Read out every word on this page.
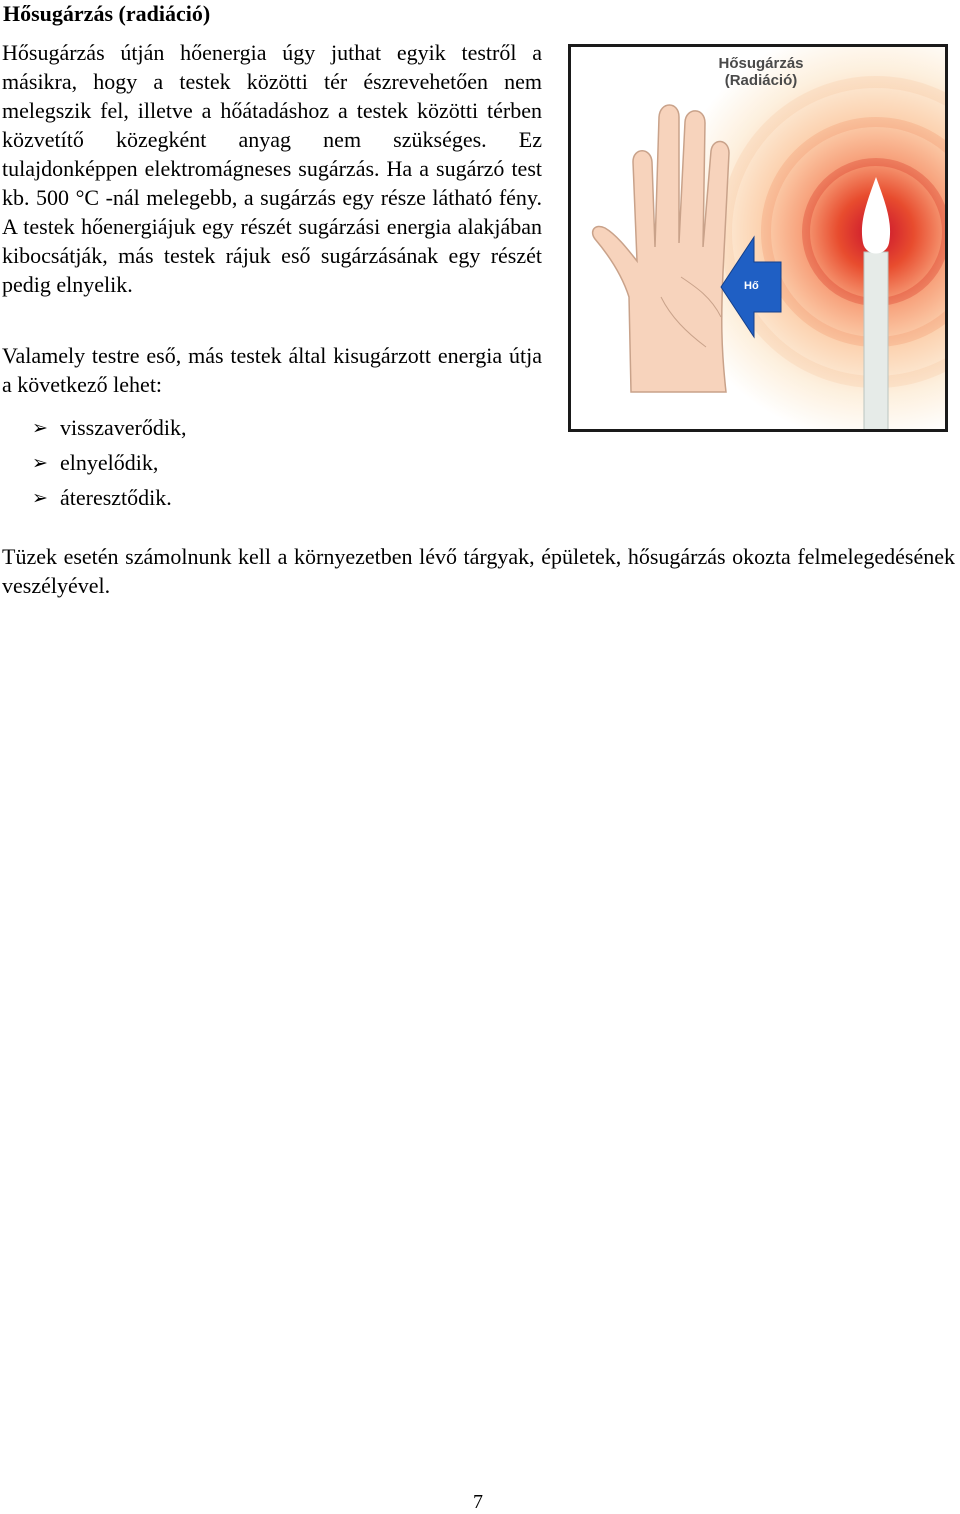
Hősugárzás (radiáció)

Hősugárzás útján hőenergia úgy juthat egyik testről a másikra, hogy a testek közötti tér észrevehetően nem melegszik fel, illetve a hőátadáshoz a testek közötti térben közvetítő közegként anyag nem szükséges. Ez tulajdonképpen elektromágneses sugárzás. Ha a sugárzó test kb. 500 °C -nál melegebb, a sugárzás egy része látható fény. A testek hőenergiájuk egy részét sugárzási energia alakjában kibocsátják, más testek rájuk eső sugárzásának egy részét pedig elnyelik.

Valamely testre eső, más testek által kisugárzott energia útja a következő lehet:

➢ visszaverődik,
➢ elnyelődik,
➢ áteresztődik.
Hősugárzás
(Radiáció)
Hő

Tüzek esetén számolnunk kell a környezetben lévő tárgyak, épületek, hősugárzás okozta felmelegedésének veszélyével.

7
